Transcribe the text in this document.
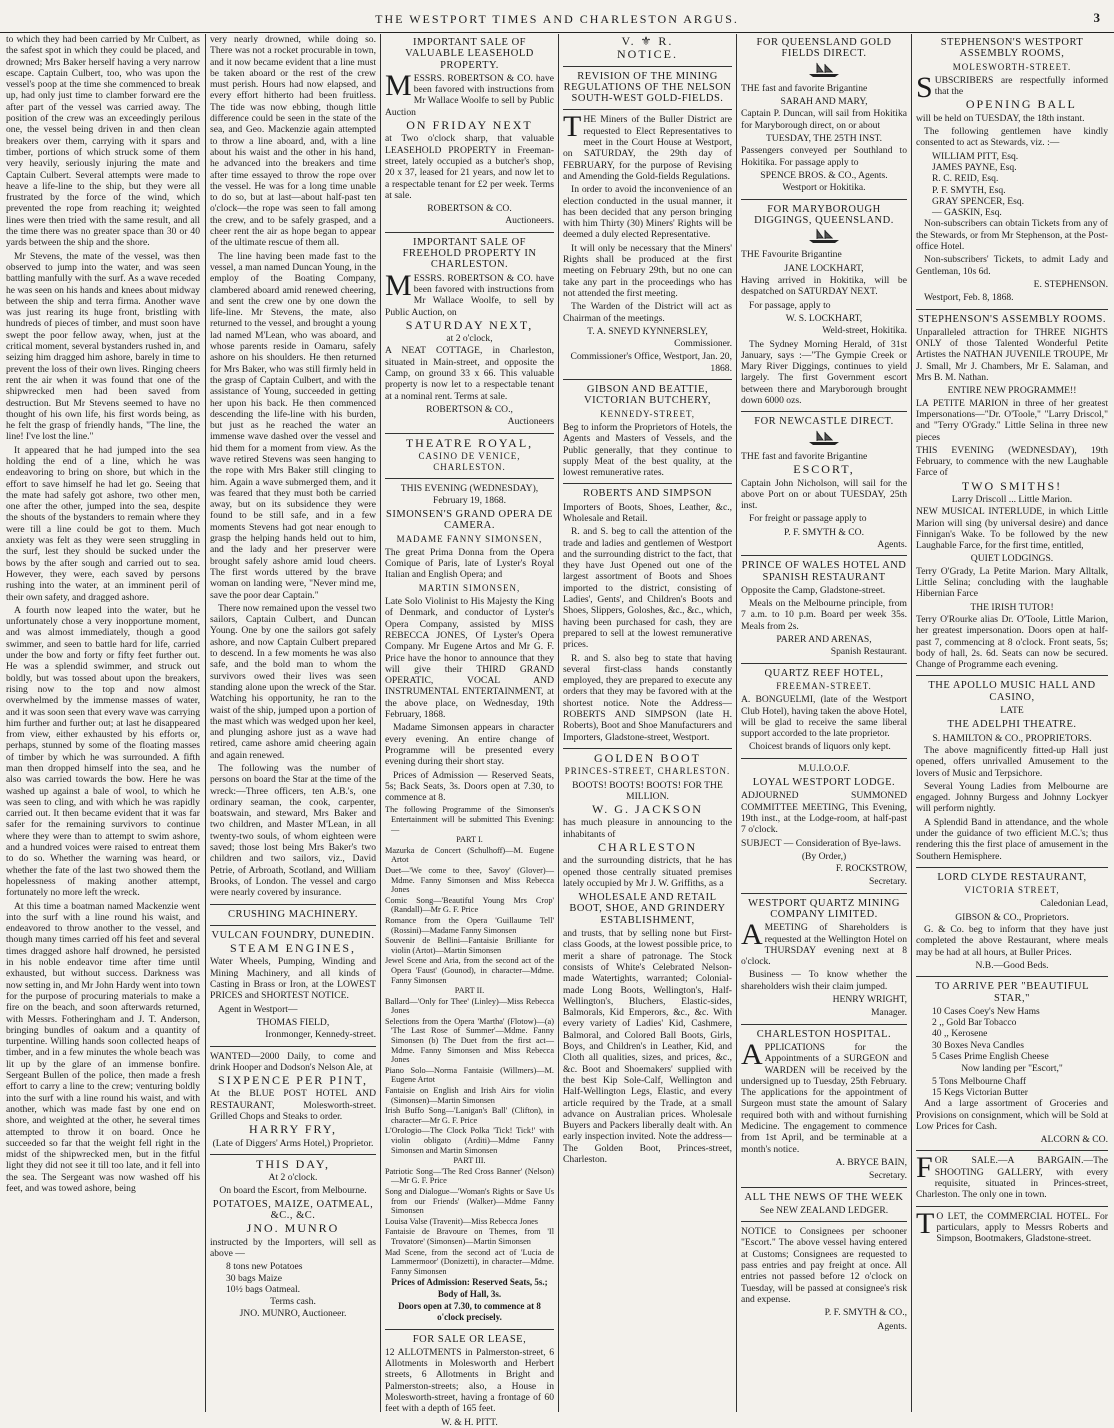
THE WESTPORT TIMES AND CHARLESTON ARGUS.	3

to which they had been carried by Mr Culbert, as the safest spot in which they could be placed, and drowned; Mrs Baker herself having a very narrow escape. Captain Culbert, too, who was upon the vessel's poop at the time she commenced to break up, had only just time to clamber forward ere the after part of the vessel was carried away. The position of the crew was an exceedingly perilous one, the vessel being driven in and then clean breakers over them, carrying with it spars and timber, portions of which struck some of them very heavily, seriously injuring the mate and Captain Culbert. Several attempts were made to heave a life-line to the ship, but they were all frustrated by the force of the wind, which prevented the rope from reaching it; weighted lines were then tried with the same result, and all the time there was no greater space than 30 or 40 yards between the ship and the shore.

Mr Stevens, the mate of the vessel, was then observed to jump into the water, and was seen battling manfully with the surf. As a wave receded he was seen on his hands and knees about midway between the ship and terra firma. Another wave was just rearing its huge front, bristling with hundreds of pieces of timber, and must soon have swept the poor fellow away, when, just at the critical moment, several bystanders rushed in, and seizing him dragged him ashore, barely in time to prevent the loss of their own lives. Ringing cheers rent the air when it was found that one of the shipwrecked men had been saved from destruction. But Mr Stevens seemed to have no thought of his own life, his first words being, as he felt the grasp of friendly hands, "The line, the line! I've lost the line."

It appeared that he had jumped into the sea holding the end of a line, which he was endeavoring to bring on shore, but which in the effort to save himself he had let go. Seeing that the mate had safely got ashore, two other men, one after the other, jumped into the sea, despite the shouts of the bystanders to remain where they were till a line could be got to them. Much anxiety was felt as they were seen struggling in the surf, lest they should be sucked under the bows by the after sough and carried out to sea. However, they were, each saved by persons rushing into the water, at an imminent peril of their own safety, and dragged ashore.

A fourth now leaped into the water, but he unfortunately chose a very inopportune moment, and was almost immediately, though a good swimmer, and seen to battle hard for life, carried under the bow and forty or fifty feet further out. He was a splendid swimmer, and struck out boldly, but was tossed about upon the breakers, rising now to the top and now almost overwhelmed by the immense masses of water, and it was soon seen that every wave was carrying him further and further out; at last he disappeared from view, either exhausted by his efforts or, perhaps, stunned by some of the floating masses of timber by which he was surrounded. A fifth man then dropped himself into the sea, and he also was carried towards the bow. Here he was washed up against a bale of wool, to which he was seen to cling, and with which he was rapidly carried out. It then became evident that it was far safer for the remaining survivors to continue where they were than to attempt to swim ashore, and a hundred voices were raised to entreat them to do so. Whether the warning was heard, or whether the fate of the last two showed them the hopelessness of making another attempt, fortunately no more left the wreck.

At this time a boatman named Mackenzie went into the surf with a line round his waist, and endeavored to throw another to the vessel, and though many times carried off his feet and several times dragged ashore half drowned, he persisted in his noble endeavor time after time until exhausted, but without success. Darkness was now setting in, and Mr John Hardy went into town for the purpose of procuring materials to make a fire on the beach, and soon afterwards returned, with Messrs. Fotheringham and J. T. Anderson, bringing bundles of oakum and a quantity of turpentine. Willing hands soon collected heaps of timber, and in a few minutes the whole beach was lit up by the glare of an immense bonfire. Sergeant Bullen of the police, then made a fresh effort to carry a line to the crew; venturing boldly into the surf with a line round his waist, and with another, which was made fast by one end on shore, and weighted at the other, he several times attempted to throw it on board. Once he succeeded so far that the weight fell right in the midst of the shipwrecked men, but in the fitful light they did not see it till too late, and it fell into the sea. The Sergeant was now washed off his feet, and was towed ashore, being

very nearly drowned, while doing so. There was not a rocket procurable in town, and it now became evident that a line must be taken aboard or the rest of the crew must perish. Hours had now elapsed, and every effort hitherto had been fruitless. The tide was now ebbing, though little difference could be seen in the state of the sea, and Geo. Mackenzie again attempted to throw a line aboard, and, with a line about his waist and the other in his hand, he advanced into the breakers and time after time essayed to throw the rope over the vessel. He was for a long time unable to do so, but at last—about half-past ten o'clock—the rope was seen to fall among the crew, and to be safely grasped, and a cheer rent the air as hope began to appear of the ultimate rescue of them all.

The line having been made fast to the vessel, a man named Duncan Young, in the employ of the Boating Company, clambered aboard amid renewed cheering, and sent the crew one by one down the life-line. Mr Stevens, the mate, also returned to the vessel, and brought a young lad named M'Lean, who was aboard, and whose parents reside in Oamaru, safely ashore on his shoulders. He then returned for Mrs Baker, who was still firmly held in the grasp of Captain Culbert, and with the assistance of Young, succeeded in getting her upon his back. He then commenced descending the life-line with his burden, but just as he reached the water an immense wave dashed over the vessel and hid them for a moment from view. As the wave retired Stevens was seen hanging to the rope with Mrs Baker still clinging to him. Again a wave submerged them, and it was feared that they must both be carried away, but on its subsidence they were found to be still safe, and in a few moments Stevens had got near enough to grasp the helping hands held out to him, and the lady and her preserver were brought safely ashore amid loud cheers. The first words uttered by the brave woman on landing were, "Never mind me, save the poor dear Captain."

There now remained upon the vessel two sailors, Captain Culbert, and Duncan Young. One by one the sailors got safely ashore, and now Captain Culbert prepared to descend. In a few moments he was also safe, and the bold man to whom the survivors owed their lives was seen standing alone upon the wreck of the Star. Watching his opportunity, he ran to the waist of the ship, jumped upon a portion of the mast which was wedged upon her keel, and plunging ashore just as a wave had retired, came ashore amid cheering again and again renewed.

The following was the number of persons on board the Star at the time of the wreck:—Three officers, ten A.B.'s, one ordinary seaman, the cook, carpenter, boatswain, and steward, Mrs Baker and two children, and Master M'Lean, in all twenty-two souls, of whom eighteen were saved; those lost being Mrs Baker's two children and two sailors, viz., David Petrie, of Arbroath, Scotland, and William Brooks, of London. The vessel and cargo were nearly covered by insurance.

CRUSHING MACHINERY.
VULCAN FOUNDRY, DUNEDIN.
STEAM ENGINES,

Water Wheels, Pumping, Winding and Mining Machinery, and all kinds of Casting in Brass or Iron, at the LOWEST PRICES and SHORTEST NOTICE.

Agent in Westport—

THOMAS FIELD,
Ironmonger, Kennedy-street.

WANTED—2000 Daily, to come and drink Hooper and Dodson's Nelson Ale, at

SIXPENCE PER PINT,

At the BLUE POST HOTEL AND RESTAURANT, Molesworth-street. Grilled Chops and Steaks to order.

HARRY FRY,
(Late of Diggers' Arms Hotel,) Proprietor.
THIS DAY,
At 2 o'clock.
On board the Escort, from Melbourne.
POTATOES, MAIZE, OATMEAL, &C., &C.
JNO. MUNRO

instructed by the Importers, will sell as above —

8 tons new Potatoes
30 bags Maize
10½ bags Oatmeal.
Terms cash.
JNO. MUNRO, Auctioneer.
IMPORTANT SALE OF VALUABLE LEASEHOLD PROPERTY.

MESSRS. ROBERTSON & CO. have been favored with instructions from Mr Wallace Woolfe to sell by Public Auction

ON FRIDAY NEXT

at Two o'clock sharp, that valuable LEASEHOLD PROPERTY in Freeman-street, lately occupied as a butcher's shop, 20 x 37, leased for 21 years, and now let to a respectable tenant for £2 per week. Terms at sale.

ROBERTSON & CO.
Auctioneers.
IMPORTANT SALE OF FREEHOLD PROPERTY IN CHARLESTON.

MESSRS. ROBERTSON & CO. have been favored with instructions from Mr Wallace Woolfe, to sell by Public Auction, on

SATURDAY NEXT,
at 2 o'clock,

A NEAT COTTAGE, in Charleston, situated in Main-street, and opposite the Camp, on ground 33 x 66. This valuable property is now let to a respectable tenant at a nominal rent. Terms at sale.

ROBERTSON & CO.,
Auctioneers
THEATRE ROYAL,
CASINO DE VENICE, CHARLESTON.
THIS EVENING (WEDNESDAY), February 19, 1868.
SIMONSEN'S GRAND OPERA DE CAMERA.
MADAME FANNY SIMONSEN,

The great Prima Donna from the Opera Comique of Paris, late of Lyster's Royal Italian and English Opera; and

MARTIN SIMONSEN,

Late Solo Violinist to His Majesty the King of Denmark, and conductor of Lyster's Opera Company, assisted by MISS REBECCA JONES, Of Lyster's Opera Company. Mr Eugene Artos and Mr G. F. Price have the honor to announce that they will give their THIRD GRAND OPERATIC, VOCAL AND INSTRUMENTAL ENTERTAINMENT, at the above place, on Wednesday, 19th February, 1868.

Madame Simonsen appears in character every evening. An entire change of Programme will be presented every evening during their short stay.

Prices of Admission — Reserved Seats, 5s; Back Seats, 3s. Doors open at 7.30, to commence at 8.

The following Programme of the Simonsen's Entertainment will be submitted This Evening:—

PART I.

Mazurka de Concert (Schulhoff)—M. Eugene Artot

Duet—'We come to thee, Savoy' (Glover)—Mdme. Fanny Simonsen and Miss Rebecca Jones

Comic Song—'Beautiful Young Mrs Crop' (Randall)—Mr G. F. Price

Romance from the Opera 'Guillaume Tell' (Rossini)—Madame Fanny Simonsen

Souvenir de Bellini—Fantaisie Brilliante for violin (Artot)—Martin Simonsen

Jewel Scene and Aria, from the second act of the Opera 'Faust' (Gounod), in character—Mdme. Fanny Simonsen

PART II.

Ballard—'Only for Thee' (Linley)—Miss Rebecca Jones

Selections from the Opera 'Martha' (Flotow)—(a) 'The Last Rose of Summer'—Mdme. Fanny Simonsen (b) The Duet from the first act—Mdme. Fanny Simonsen and Miss Rebecca Jones

Piano Solo—Norma Fantaisie (Willmers)—M. Eugene Artot

Fantaisie on English and Irish Airs for violin (Simonsen)—Martin Simonsen

Irish Buffo Song—'Lanigan's Ball' (Clifton), in character—Mr G. F. Price

L'Orologio—The Clock Polka 'Tick! Tick!' with violin obligato (Arditi)—Mdme Fanny Simonsen and Martin Simonsen

PART III.

Patriotic Song—'The Red Cross Banner' (Nelson)—Mr G. F. Price

Song and Dialogue—'Woman's Rights or Save Us from our Friends' (Walker)—Mdme Fanny Simonsen

Louisa Valse (Travenit)—Miss Rebecca Jones

Fantaisie de Bravoure on Themes, from 'Il Trovatore' (Simonsen)—Martin Simonsen

Mad Scene, from the second act of 'Lucia de Lammermoor' (Donizetti), in character—Mdme. Fanny Simonsen

Prices of Admission: Reserved Seats, 5s.; Body of Hall, 3s.
Doors open at 7.30, to commence at 8 o'clock precisely.
FOR SALE OR LEASE,

12 ALLOTMENTS in Palmerston-street, 6 Allotments in Molesworth and Herbert streets, 6 Allotments in Bright and Palmerston-streets; also, a House in Molesworth-street, having a frontage of 60 feet with a depth of 165 feet.

W. & H. PITT.
V. ⚜ R.
NOTICE.
REVISION OF THE MINING REGULATIONS OF THE NELSON SOUTH-WEST GOLD-FIELDS.

THE Miners of the Buller District are requested to Elect Representatives to meet in the Court House at Westport, on SATURDAY, the 29th day of FEBRUARY, for the purpose of Revising and Amending the Gold-fields Regulations.

In order to avoid the inconvenience of an election conducted in the usual manner, it has been decided that any person bringing with him Thirty (30) Miners' Rights will be deemed a duly elected Representative.

It will only be necessary that the Miners' Rights shall be produced at the first meeting on February 29th, but no one can take any part in the proceedings who has not attended the first meeting.

The Warden of the District will act as Chairman of the meetings.

T. A. SNEYD KYNNERSLEY,
Commissioner.
Commissioner's Office, Westport, Jan. 20, 1868.
GIBSON AND BEATTIE, VICTORIAN BUTCHERY,
KENNEDY-STREET,

Beg to inform the Proprietors of Hotels, the Agents and Masters of Vessels, and the Public generally, that they continue to supply Meat of the best quality, at the lowest remunerative rates.

ROBERTS AND SIMPSON

Importers of Boots, Shoes, Leather, &c., Wholesale and Retail.

R. and S. beg to call the attention of the trade and ladies and gentlemen of Westport and the surrounding district to the fact, that they have Just Opened out one of the largest assortment of Boots and Shoes imported to the district, consisting of Ladies', Gents', and Children's Boots and Shoes, Slippers, Goloshes, &c., &c., which, having been purchased for cash, they are prepared to sell at the lowest remunerative prices.

R. and S. also beg to state that having several first-class hands constantly employed, they are prepared to execute any orders that they may be favored with at the shortest notice. Note the Address—ROBERTS AND SIMPSON (late H. Roberts), Boot and Shoe Manufacturers and Importers, Gladstone-street, Westport.

GOLDEN BOOT
PRINCES-STREET, CHARLESTON.
BOOTS! BOOTS! BOOTS! FOR THE MILLION.
W. G. JACKSON

has much pleasure in announcing to the inhabitants of

CHARLESTON

and the surrounding districts, that he has opened those centrally situated premises lately occupied by Mr J. W. Griffiths, as a

WHOLESALE AND RETAIL BOOT, SHOE, AND GRINDERY ESTABLISHMENT,

and trusts, that by selling none but First-class Goods, at the lowest possible price, to merit a share of patronage. The Stock consists of White's Celebrated Nelson-made Watertights, warranted; Colonial-made Long Boots, Wellington's, Half-Wellington's, Bluchers, Elastic-sides, Balmorals, Kid Emperors, &c., &c. With every variety of Ladies' Kid, Cashmere, Balmoral, and Colored Ball Boots, Girls, Boys, and Children's in Leather, Kid, and Cloth all qualities, sizes, and prices, &c., &c. Boot and Shoemakers' supplied with the best Kip Sole-Calf, Wellington and Half-Wellington Legs, Elastic, and every article required by the Trade, at a small advance on Australian prices. Wholesale Buyers and Packers liberally dealt with. An early inspection invited. Note the address—The Golden Boot, Princes-street, Charleston.

FOR QUEENSLAND GOLD FIELDS DIRECT.

THE fast and favorite Brigantine

SARAH AND MARY,

Captain P. Duncan, will sail from Hokitika for Maryborough direct, on or about

TUESDAY, THE 25TH INST.

Passengers conveyed per Southland to Hokitika. For passage apply to

SPENCE BROS. & CO., Agents.
Westport or Hokitika.
FOR MARYBOROUGH DIGGINGS, QUEENSLAND.

THE Favourite Brigantine

JANE LOCKHART,

Having arrived in Hokitika, will be despatched on SATURDAY NEXT.

For passage, apply to

W. S. LOCKHART,
Weld-street, Hokitika.

The Sydney Morning Herald, of 31st January, says :—"The Gympie Creek or Mary River Diggings, continues to yield largely. The first Government escort between there and Maryborough brought down 6000 ozs.

FOR NEWCASTLE DIRECT.

THE fast and favorite Brigantine

ESCORT,

Captain John Nicholson, will sail for the above Port on or about TUESDAY, 25th inst.

For freight or passage apply to

P. F. SMYTH & CO.
Agents.
PRINCE OF WALES HOTEL AND SPANISH RESTAURANT

Opposite the Camp, Gladstone-street.

Meals on the Melbourne principle, from 7 a.m. to 10 p.m. Board per week 35s. Meals from 2s.

PARER AND ARENAS,
Spanish Restaurant.
QUARTZ REEF HOTEL,
FREEMAN-STREET.

A. BONGUELMI, (late of the Westport Club Hotel), having taken the above Hotel, will be glad to receive the same liberal support accorded to the late proprietor.

Choicest brands of liquors only kept.

M.U.I.O.O.F.
LOYAL WESTPORT LODGE.

ADJOURNED SUMMONED COMMITTEE MEETING, This Evening, 19th inst., at the Lodge-room, at half-past 7 o'clock.

SUBJECT — Consideration of Bye-laws.

(By Order,)
F. ROCKSTROW,
Secretary.
WESTPORT QUARTZ MINING COMPANY LIMITED.

AMEETING of Shareholders is requested at the Wellington Hotel on THURSDAY evening next at 8 o'clock.

Business — To know whether the shareholders wish their claim jumped.

HENRY WRIGHT,
Manager.
CHARLESTON HOSPITAL.

APPLICATIONS for the Appointments of a SURGEON and WARDEN will be received by the undersigned up to Tuesday, 25th February. The applications for the appointment of Surgeon must state the amount of Salary required both with and without furnishing Medicine. The engagement to commence from 1st April, and be terminable at a month's notice.

A. BRYCE BAIN,
Secretary.
ALL THE NEWS OF THE WEEK
See NEW ZEALAND LEDGER.

NOTICE to Consignees per schooner "Escort." The above vessel having entered at Customs; Consignees are requested to pass entries and pay freight at once. All entries not passed before 12 o'clock on Tuesday, will be passed at consignee's risk and expense.

P. F. SMYTH & CO.,
Agents.
STEPHENSON'S WESTPORT ASSEMBLY ROOMS,
MOLESWORTH-STREET.

SUBSCRIBERS are respectfully informed that the

OPENING BALL

will be held on TUESDAY, the 18th instant.

The following gentlemen have kindly consented to act as Stewards, viz. :—

WILLIAM PITT, Esq.
JAMES PAYNE, Esq.
R. C. REID, Esq.
P. F. SMYTH, Esq.
GRAY SPENCER, Esq.
— GASKIN, Esq.

Non-subscribers can obtain Tickets from any of the Stewards, or from Mr Stephenson, at the Post-office Hotel.

Non-subscribers' Tickets, to admit Lady and Gentleman, 10s 6d.

E. STEPHENSON.

Westport, Feb. 8, 1868.

STEPHENSON'S ASSEMBLY ROOMS.

Unparalleled attraction for THREE NIGHTS ONLY of those Talented Wonderful Petite Artistes the NATHAN JUVENILE TROUPE, Mr J. Small, Mr J. Chambers, Mr E. Salaman, and Mrs B. M. Nathan.

ENTIRE NEW PROGRAMME!!

LA PETITE MARION in three of her greatest Impersonations—"Dr. O'Toole," "Larry Driscol," and "Terry O'Grady." Little Selina in three new pieces

THIS EVENING (WEDNESDAY), 19th February, to commence with the new Laughable Farce of

TWO SMITHS!
Larry Driscoll ... Little Marion.

NEW MUSICAL INTERLUDE, in which Little Marion will sing (by universal desire) and dance Finnigan's Wake. To be followed by the new Laughable Farce, for the first time, entitled,

QUIET LODGINGS.

Terry O'Grady, La Petite Marion. Mary Alltalk, Little Selina; concluding with the laughable Hibernian Farce

THE IRISH TUTOR!

Terry O'Rourke alias Dr. O'Toole, Little Marion, her greatest impersonation. Doors open at half-past 7, commencing at 8 o'clock. Front seats, 5s; body of hall, 2s. 6d. Seats can now be secured. Change of Programme each evening.

THE APOLLO MUSIC HALL AND CASINO,
LATE
THE ADELPHI THEATRE.
S. HAMILTON & CO., PROPRIETORS.

The above magnificently fitted-up Hall just opened, offers unrivalled Amusement to the lovers of Music and Terpsichore.

Several Young Ladies from Melbourne are engaged. Johnny Burgess and Johnny Lockyer will perform nightly.

A Splendid Band in attendance, and the whole under the guidance of two efficient M.C.'s; thus rendering this the first place of amusement in the Southern Hemisphere.

LORD CLYDE RESTAURANT,
VICTORIA STREET,
Caledonian Lead,
GIBSON & CO., Proprietors.

G. & Co. beg to inform that they have just completed the above Restaurant, where meals may be had at all hours, at Buller Prices.

N.B.—Good Beds.
TO ARRIVE PER "BEAUTIFUL STAR,"
10 Cases Coey's New Hams
2 ,, Gold Bar Tobacco
40 ,, Kerosene
30 Boxes Neva Candles
5 Cases Prime English Cheese
Now landing per "Escort,"
5 Tons Melbourne Chaff
15 Kegs Victorian Butter

And a large assortment of Groceries and Provisions on consignment, which will be Sold at Low Prices for Cash.

ALCORN & CO.

FOR SALE.—A BARGAIN.—The SHOOTING GALLERY, with every requisite, situated in Princes-street, Charleston. The only one in town.

TO LET, the COMMERCIAL HOTEL. For particulars, apply to Messrs Roberts and Simpson, Bootmakers, Gladstone-street.
